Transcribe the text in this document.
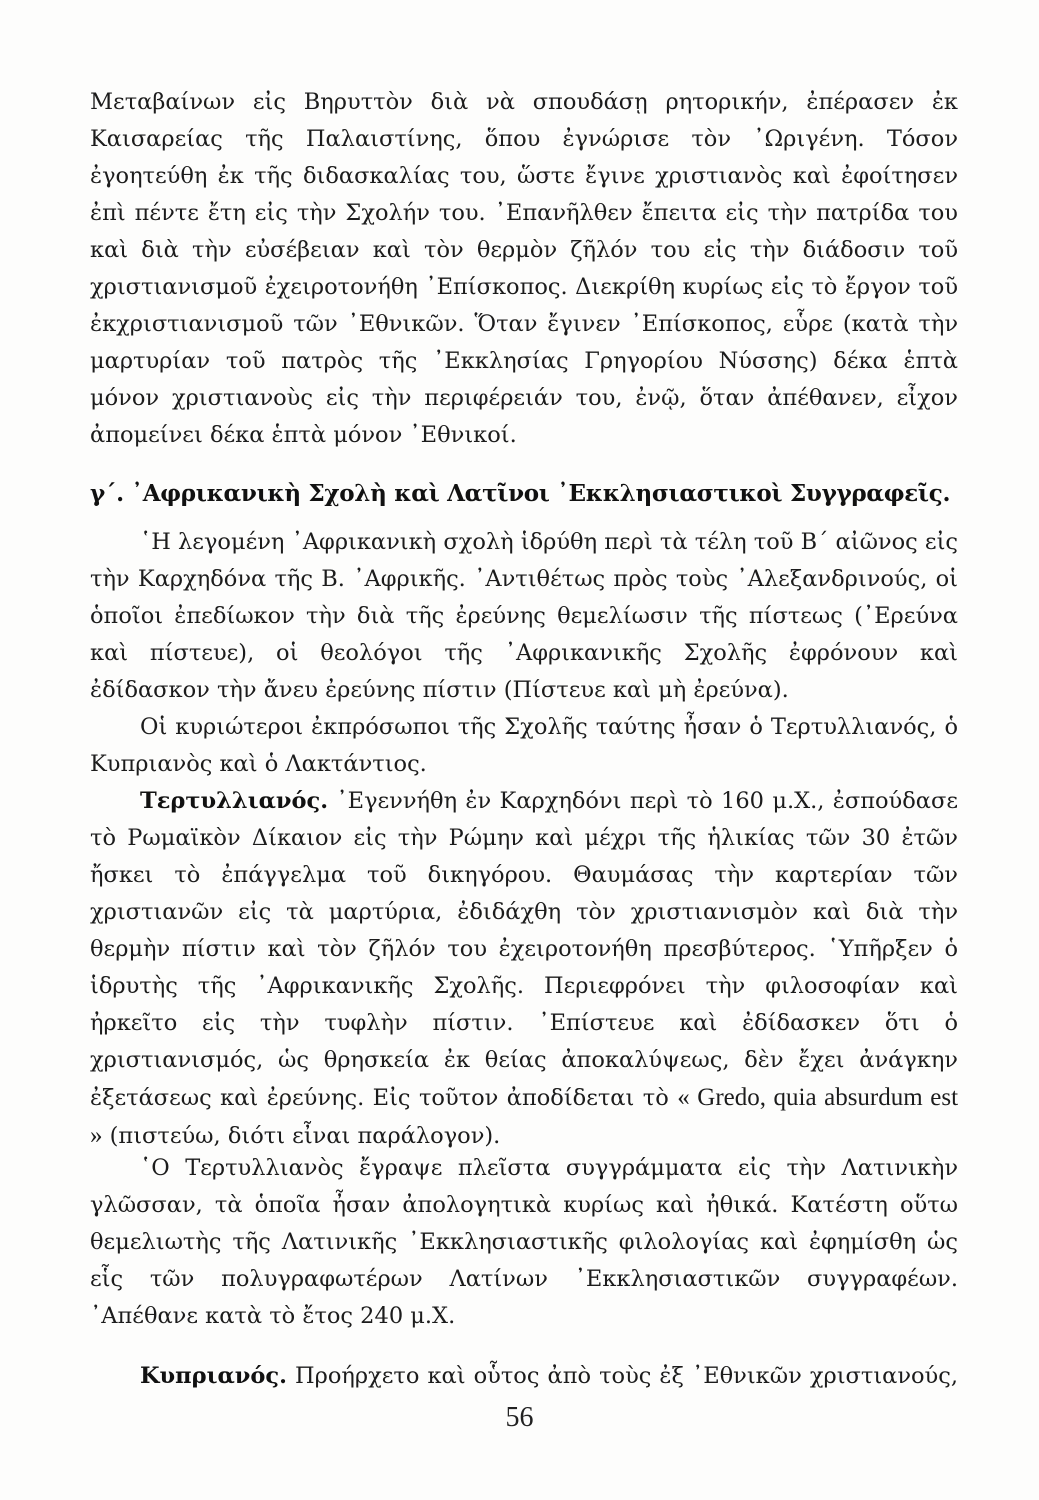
Μεταβαίνων εἰς Βηρυττὸν διὰ νὰ σπουδάσῃ ρητορικήν, ἐπέρασεν ἐκ Καισαρείας τῆς Παλαιστίνης, ὅπου ἐγνώρισε τὸν ᾿Ωριγένη. Τόσον ἐγοητεύθη ἐκ τῆς διδασκαλίας του, ὥστε ἔγινε χριστιανὸς καὶ ἐφοίτησεν ἐπὶ πέντε ἔτη εἰς τὴν Σχολήν του. ᾿Επανῆλθεν ἔπειτα εἰς τὴν πατρίδα του καὶ διὰ τὴν εὐσέβειαν καὶ τὸν θερμὸν ζῆλόν του εἰς τὴν διάδοσιν τοῦ χριστιανισμοῦ ἐχειροτονήθη ᾿Επίσκοπος. Διεκρίθη κυρίως εἰς τὸ ἔργον τοῦ ἐκχριστιανισμοῦ τῶν ᾿Εθνικῶν. Ὅταν ἔγινεν ᾿Επίσκοπος, εὗρε (κατὰ τὴν μαρτυρίαν τοῦ πατρὸς τῆς ᾿Εκκλησίας Γρηγορίου Νύσσης) δέκα ἑπτὰ μόνον χριστιανοὺς εἰς τὴν περιφέρειάν του, ἐνῷ, ὅταν ἀπέθανεν, εἶχον ἀπομείνει δέκα ἑπτὰ μόνον ᾿Εθνικοί.
γ΄. ᾿Αφρικανικὴ Σχολὴ καὶ Λατῖνοι ᾿Εκκλησιαστικοὶ Συγγραφεῖς.
῾Η λεγομένη ᾿Αφρικανικὴ σχολὴ ἱδρύθη περὶ τὰ τέλη τοῦ Β΄ αἰῶνος εἰς τὴν Καρχηδόνα τῆς Β. ᾿Αφρικῆς. ᾿Αντιθέτως πρὸς τοὺς ᾿Αλεξανδρινούς, οἱ ὁποῖοι ἐπεδίωκον τὴν διὰ τῆς ἐρεύνης θεμελίωσιν τῆς πίστεως (᾿Ερεύνα καὶ πίστευε), οἱ θεολόγοι τῆς ᾿Αφρικανικῆς Σχολῆς ἐφρόνουν καὶ ἐδίδασκον τὴν ἄνευ ἐρεύνης πίστιν (Πίστευε καὶ μὴ ἐρεύνα).
Οἱ κυριώτεροι ἐκπρόσωποι τῆς Σχολῆς ταύτης ἦσαν ὁ Τερτυλλιανός, ὁ Κυπριανὸς καὶ ὁ Λακτάντιος.
Τερτυλλιανός. ᾿Εγεννήθη ἐν Καρχηδόνι περὶ τὸ 160 μ.Χ., ἐσπούδασε τὸ Ρωμαϊκὸν Δίκαιον εἰς τὴν Ρώμην καὶ μέχρι τῆς ἡλικίας τῶν 30 ἐτῶν ἤσκει τὸ ἐπάγγελμα τοῦ δικηγόρου. Θαυμάσας τὴν καρτερίαν τῶν χριστιανῶν εἰς τὰ μαρτύρια, ἐδιδάχθη τὸν χριστιανισμὸν καὶ διὰ τὴν θερμὴν πίστιν καὶ τὸν ζῆλόν του ἐχειροτονήθη πρεσβύτερος. ῾Υπῆρξεν ὁ ἱδρυτὴς τῆς ᾿Αφρικανικῆς Σχολῆς. Περιεφρόνει τὴν φιλοσοφίαν καὶ ἠρκεῖτο εἰς τὴν τυφλὴν πίστιν. ᾿Επίστευε καὶ ἐδίδασκεν ὅτι ὁ χριστιανισμός, ὡς θρησκεία ἐκ θείας ἀποκαλύψεως, δὲν ἔχει ἀνάγκην ἐξετάσεως καὶ ἐρεύνης. Εἰς τοῦτον ἀποδίδεται τὸ « Gredo, quia absurdum est » (πιστεύω, διότι εἶναι παράλογον).
῾Ο Τερτυλλιανὸς ἔγραψε πλεῖστα συγγράμματα εἰς τὴν Λατινικὴν γλῶσσαν, τὰ ὁποῖα ἦσαν ἀπολογητικὰ κυρίως καὶ ἠθικά. Κατέστη οὕτω θεμελιωτὴς τῆς Λατινικῆς ᾿Εκκλησιαστικῆς φιλολογίας καὶ ἐφημίσθη ὡς εἷς τῶν πολυγραφωτέρων Λατίνων ᾿Εκκλησιαστικῶν συγγραφέων. ᾿Απέθανε κατὰ τὸ ἔτος 240 μ.Χ.
Κυπριανός. Προήρχετο καὶ οὗτος ἀπὸ τοὺς ἐξ ᾿Εθνικῶν χριστιανούς,
56
